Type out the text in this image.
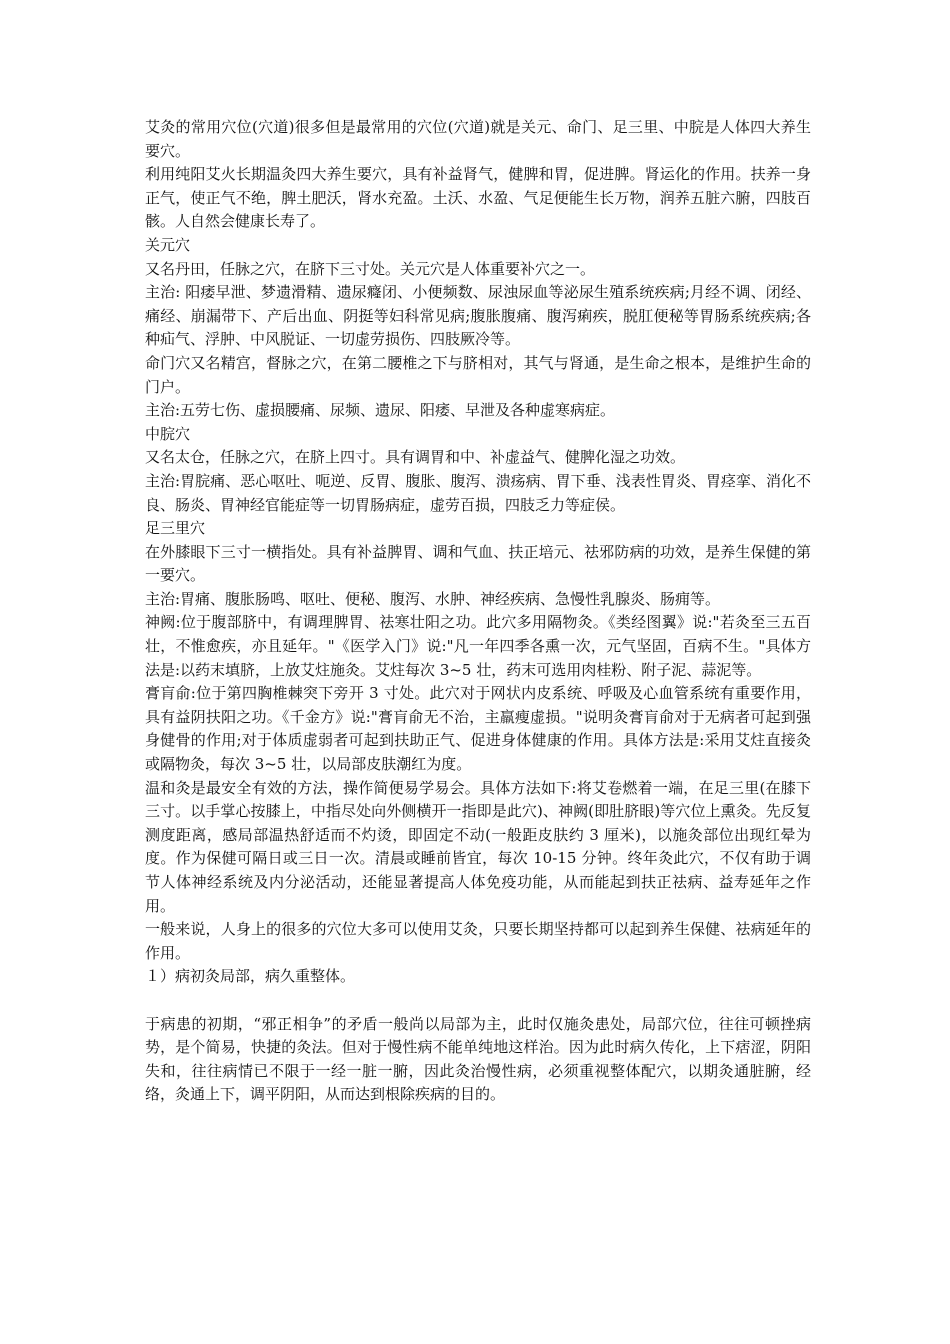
艾灸的常用穴位(穴道)很多但是最常用的穴位(穴道)就是关元、命门、足三里、中脘是人体四大养生要穴。

利用纯阳艾火长期温灸四大养生要穴，具有补益肾气，健脾和胃，促进脾。肾运化的作用。扶养一身正气，使正气不绝，脾土肥沃，肾水充盈。土沃、水盈、气足便能生长万物，润养五脏六腑，四肢百骸。人自然会健康长寿了。

关元穴

又名丹田，任脉之穴，在脐下三寸处。关元穴是人体重要补穴之一。

主治: 阳痿早泄、梦遗滑精、遗尿癃闭、小便频数、尿浊尿血等泌尿生殖系统疾病;月经不调、闭经、痛经、崩漏带下、产后出血、阴挺等妇科常见病;腹胀腹痛、腹泻痢疾，脱肛便秘等胃肠系统疾病;各种疝气、浮肿、中风脱证、一切虚劳损伤、四肢厥冷等。

命门穴又名精宫，督脉之穴，在第二腰椎之下与脐相对，其气与肾通，是生命之根本，是维护生命的门户。

主治:五劳七伤、虚损腰痛、尿频、遗尿、阳痿、早泄及各种虚寒病症。

中脘穴

又名太仓，任脉之穴，在脐上四寸。具有调胃和中、补虚益气、健脾化湿之功效。

主治:胃脘痛、恶心呕吐、呃逆、反胃、腹胀、腹泻、溃疡病、胃下垂、浅表性胃炎、胃痉挛、消化不良、肠炎、胃神经官能症等一切胃肠病症，虚劳百损，四肢乏力等症侯。

足三里穴

在外膝眼下三寸一横指处。具有补益脾胃、调和气血、扶正培元、祛邪防病的功效，是养生保健的第一要穴。

主治:胃痛、腹胀肠鸣、呕吐、便秘、腹泻、水肿、神经疾病、急慢性乳腺炎、肠痈等。

神阙:位于腹部脐中，有调理脾胃、祛寒壮阳之功。此穴多用隔物灸。《类经图翼》说:"若灸至三五百壮，不惟愈疾，亦且延年。"《医学入门》说:"凡一年四季各熏一次，元气坚固，百病不生。"具体方法是:以药末填脐，上放艾炷施灸。艾炷每次 3~5 壮，药末可选用肉桂粉、附子泥、蒜泥等。

膏肓俞:位于第四胸椎棘突下旁开 3 寸处。此穴对于网状内皮系统、呼吸及心血管系统有重要作用，具有益阴扶阳之功。《千金方》说:"膏肓俞无不治，主羸瘦虚损。"说明灸膏肓俞对于无病者可起到强身健骨的作用;对于体质虚弱者可起到扶助正气、促进身体健康的作用。具体方法是:采用艾炷直接灸或隔物灸，每次 3~5 壮，以局部皮肤潮红为度。

温和灸是最安全有效的方法，操作简便易学易会。具体方法如下:将艾卷燃着一端，在足三里(在膝下三寸。以手掌心按膝上，中指尽处向外侧横开一指即是此穴)、神阙(即肚脐眼)等穴位上熏灸。先反复测度距离，感局部温热舒适而不灼烫，即固定不动(一般距皮肤约 3 厘米)，以施灸部位出现红晕为度。作为保健可隔日或三日一次。清晨或睡前皆宜，每次 10-15 分钟。终年灸此穴，不仅有助于调节人体神经系统及内分泌活动，还能显著提高人体免疫功能，从而能起到扶正祛病、益寿延年之作用。

一般来说，人身上的很多的穴位大多可以使用艾灸，只要长期坚持都可以起到养生保健、祛病延年的作用。

１）病初灸局部，病久重整体。

于病患的初期，“邪正相争”的矛盾一般尚以局部为主，此时仅施灸患处，局部穴位，往往可顿挫病势，是个简易，快捷的灸法。但对于慢性病不能单纯地这样治。因为此时病久传化，上下痞涩，阴阳失和，往往病情已不限于一经一脏一腑，因此灸治慢性病，必须重视整体配穴，以期灸通脏腑，经络，灸通上下，调平阴阳，从而达到根除疾病的目的。
